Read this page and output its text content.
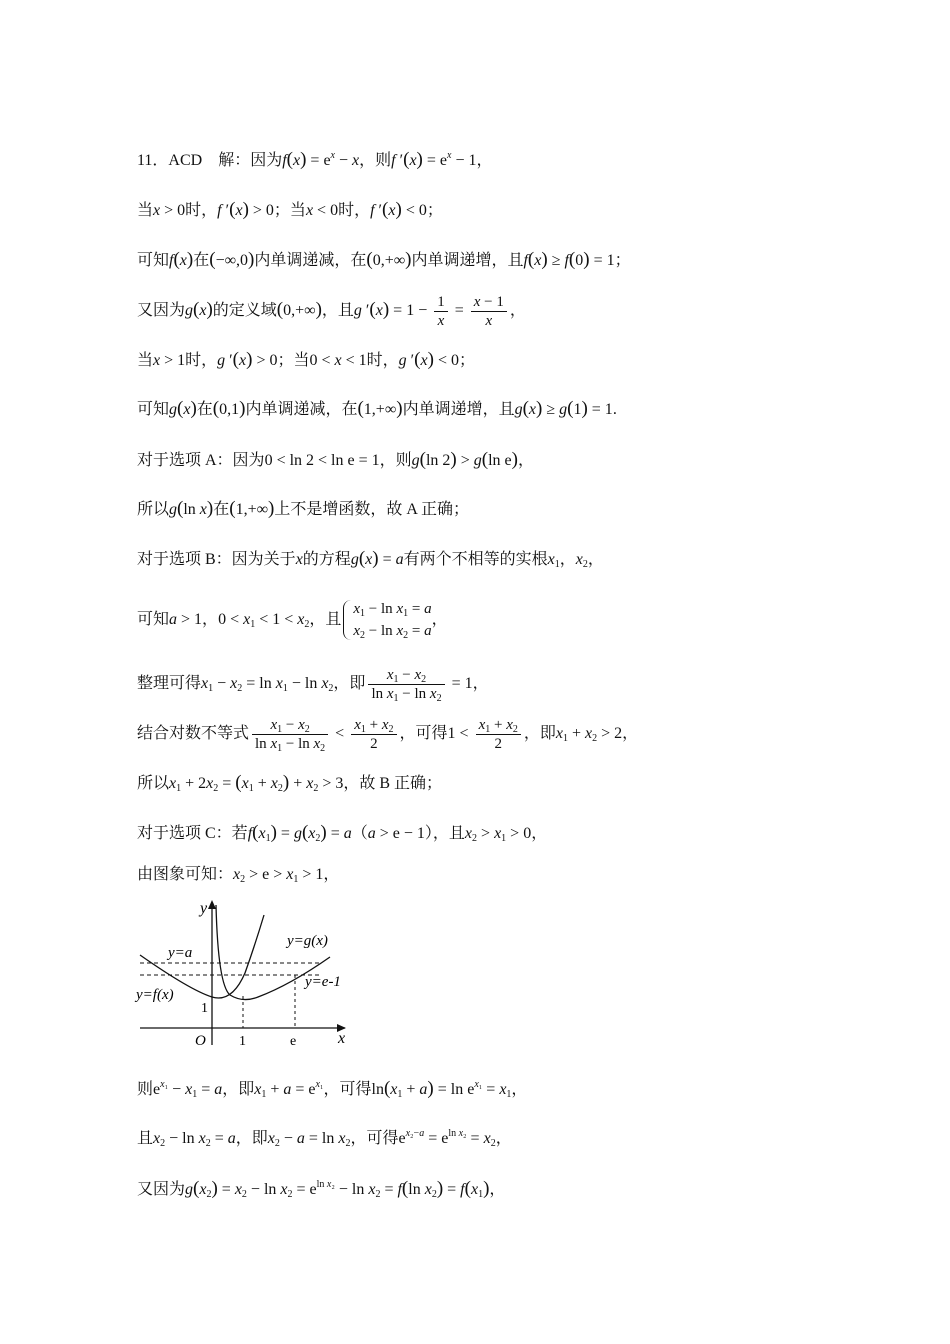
11．ACD　解：因为$f(x) = e^x - x$，则f $'(x) = e^x - 1$，
当x > 0时，f ′(x) > 0；当x < 0时，f ′(x) < 0；
可知f(x)在(−∞,0)内单调递减，在(0,+∞)内单调递增，且f(x) ≥ f(0) = 1；
又因为g(x)的定义域(0,+∞)，且g $'(x) = 1 - \frac{1}{x} = \frac{x - 1}{x}$ ，
当x > 1时，g ′(x) > 0；当0 < x < 1时，g ′(x) < 0；
可知g(x)在(0,1)内单调递减，在(1,+∞)内单调递增，且g(x) ≥ g(1) = 1.
对于选项 A：因为0 < ln 2 < ln e = 1，则g(ln 2) > g(ln e)，
所以g(ln x)在(1,+∞)上不是增函数，故 A 正确；
对于选项 B：因为关于x的方程g(x) = a有两个不相等的实根$x_1$，$x_2$，
可知a > 1，$0 < x_1 < 1 < x_2$，且
$x_1 - \ln x_1 = a$
$x_2 - \ln x_2 = a$
，
整理可得$x_1 - x_2 = \ln x_1 - \ln x_2$，即 $\frac{x_1 - x_2}{\ln x_1 - \ln x_2} = 1$，
结合对数不等式 $\frac{x_1 - x_2}{\ln x_1 - \ln x_2} < \frac{x_1 + x_2}{2}$ ，可得$1 < \frac{x_1 + x_2}{2}$ ，即$x_1 + x_2 > 2$，
所以$x_1 + 2x_2 = (x_1 + x_2) + x_2 > 3$，故 B 正确；
对于选项 C：若$f(x_1) = g(x_2) = a(a > e - 1)$，且$x_2 > x_1 > 0$，
由图象可知：$x_2 > e > x_1 > 1$，
y
x
O
y=a
y=g(x)
y=f(x)
y=e-1
1
1	e
则$e^{x_1} - x_1 = a$，即$x_1 + a = e^{x_1}$，可得$\ln(x_1 + a) = \ln e^{x_1} = x_1$，
且$x_2 - \ln x_2 = a$，即$x_2 - a = \ln x_2$，可得$e^{x_2-a} = e^{ln x_2} = x_2$，
又因为$g(x_2) = x_2 - \ln x_2 = e^{ln x_2} - \ln x_2 = f(\ln$ $x_2) = f(x_1)$，
